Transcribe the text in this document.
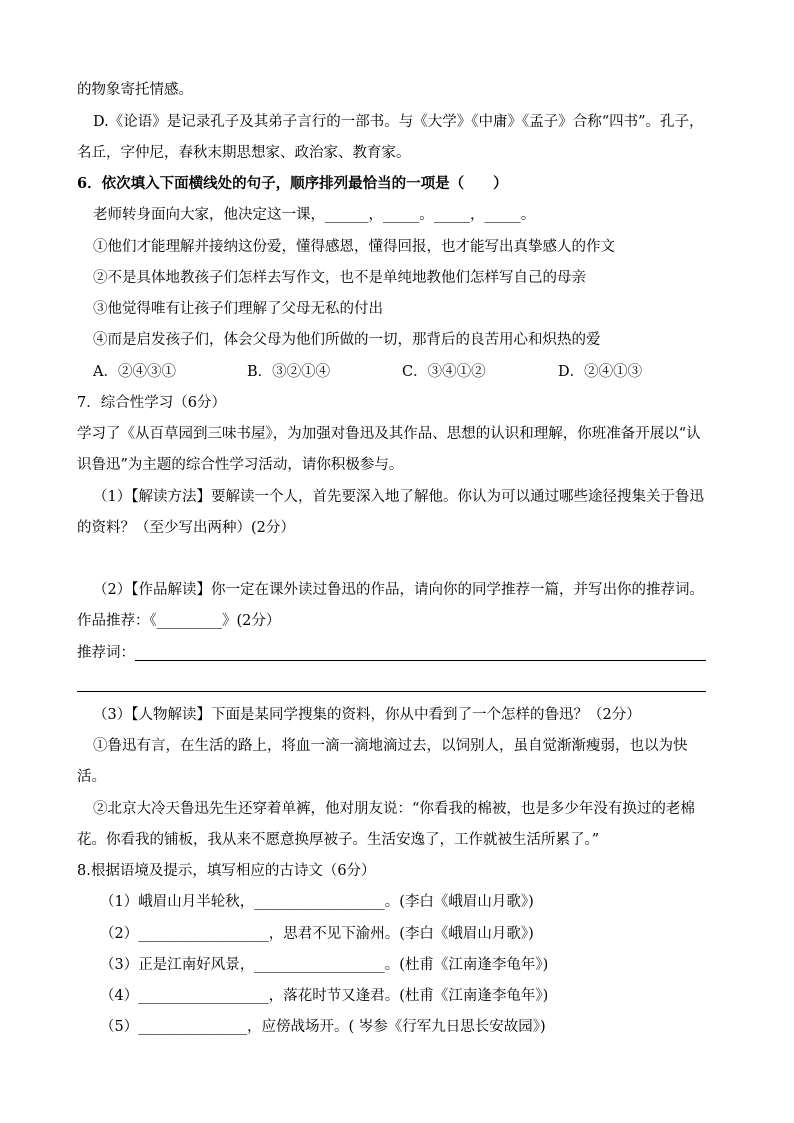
的物象寄托情感。
D.《论语》是记录孔子及其弟子言行的一部书。与《大学》《中庸》《孟子》合称“四书”。孔子，
名丘，字仲尼，春秋末期思想家、政治家、教育家。
6．依次填入下面横线处的句子，顺序排列最恰当的一项是（　　）
老师转身面向大家，他决定这一课，______，_____。_____，_____。
①他们才能理解并接纳这份爱，懂得感恩，懂得回报，也才能写出真挚感人的作文
②不是具体地教孩子们怎样去写作文，也不是单纯地教他们怎样写自己的母亲
③他觉得唯有让孩子们理解了父母无私的付出
④而是启发孩子们，体会父母为他们所做的一切，那背后的良苦用心和炽热的爱
A．②④③①	B．③②①④	C．③④①②	D．②④①③
7．综合性学习（6分）
学习了《从百草园到三味书屋》，为加强对鲁迅及其作品、思想的认识和理解，你班准备开展以“认
识鲁迅”为主题的综合性学习活动，请你积极参与。
（1）【解读方法】要解读一个人，首先要深入地了解他。你认为可以通过哪些途径搜集关于鲁迅
的资料？（至少写出两种）(2分）
（2）【作品解读】你一定在课外读过鲁迅的作品，请向你的同学推荐一篇，并写出你的推荐词。
作品推荐：《_________》(2分）
推荐词：
（3）【人物解读】下面是某同学搜集的资料，你从中看到了一个怎样的鲁迅？（2分）
①鲁迅有言，在生活的路上，将血一滴一滴地滴过去，以饲别人，虽自觉渐渐瘦弱，也以为快
活。
②北京大冷天鲁迅先生还穿着单裤，他对朋友说：“你看我的棉被，也是多少年没有换过的老棉
花。你看我的铺板，我从来不愿意换厚被子。生活安逸了，工作就被生活所累了。”
8.根据语境及提示，填写相应的古诗文（6分）
（1）峨眉山月半轮秋，__________________。(李白《峨眉山月歌》)
（2）__________________，思君不见下渝州。(李白《峨眉山月歌》)
（3）正是江南好风景，__________________。(杜甫《江南逢李龟年》)
（4）__________________，落花时节又逢君。(杜甫《江南逢李龟年》)
（5）_______________，应傍战场开。( 岑参《行军九日思长安故园》)
